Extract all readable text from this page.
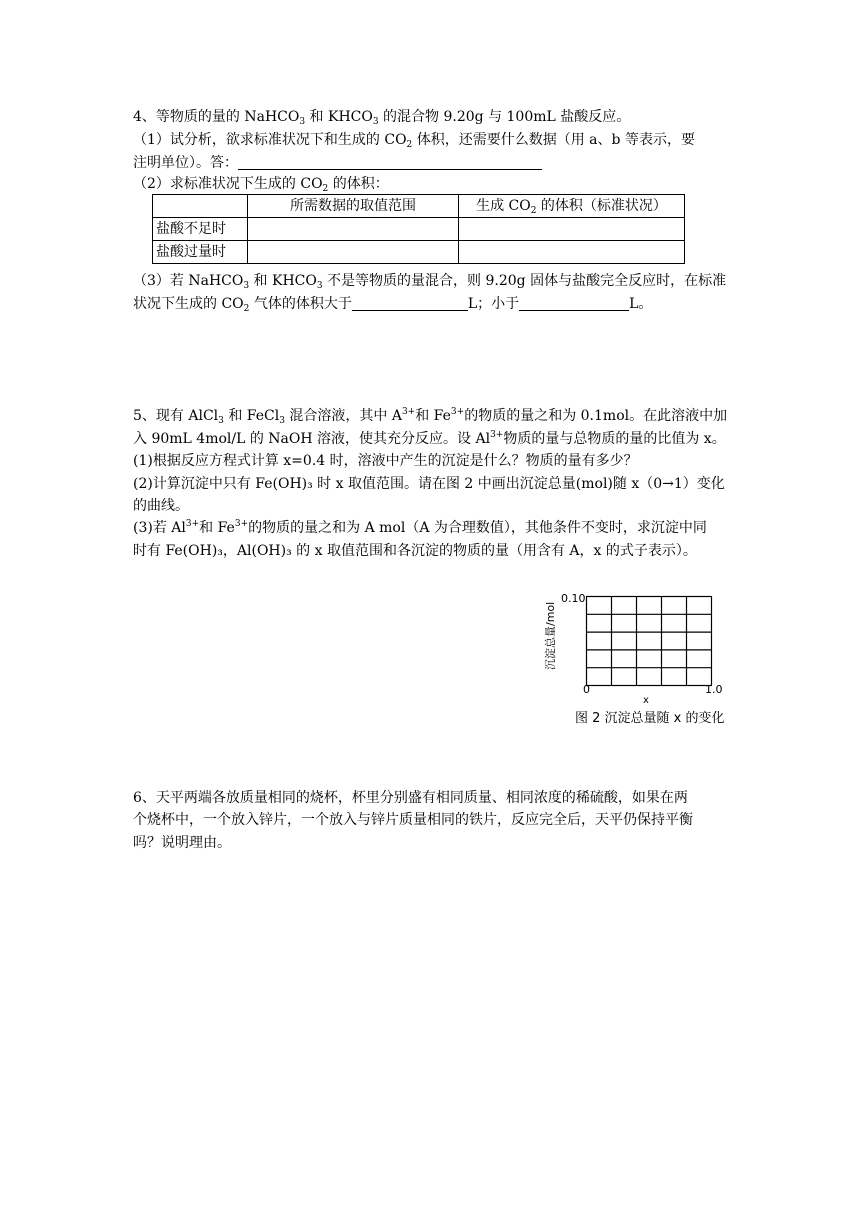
4、等物质的量的 NaHCO$_3$ 和 $KHCO_3$ 的混合物 9.20g 与 100mL 盐酸反应。
（1）试分析，欲求标准状况下和生成的 $CO_2$ 体积，还需要什么数据（用 a、b 等表示，要
注明单位）。答：
（2）求标准状况下生成的 $CO_2$ 的体积：
	所需数据的取值范围	生成 $CO_2$ 的体积（标准状况）
盐酸不足时		
盐酸过量时		
（3）若 NaHCO$_3$ 和 $KHCO_3$ 不是等物质的量混合，则 9.20g 固体与盐酸完全反应时，在标准
状况下生成的 $CO_2$ 气体的体积大于	L；小于	L。
5、现有 AlCl$_3$ 和 FeCl$_3$ 混合溶液，其中 $A^{3+}$和 $Fe^{3+}$的物质的量之和为 0.1mol。在此溶液中加
入 90mL 4mol/L 的 NaOH 溶液，使其充分反应。设 $Al^{3+}$物质的量与总物质的量的比值为 x。
(1)根据反应方程式计算 x=0.4 时，溶液中产生的沉淀是什么？物质的量有多少？
(2)计算沉淀中只有 Fe(OH)₃ 时 x 取值范围。请在图 2 中画出沉淀总量(mol)随 x（0→1）变化
的曲线。
(3)若 $Al^{3+}$和 $Fe^{3+}$的物质的量之和为 A mol（A 为合理数值），其他条件不变时，求沉淀中同
时有 Fe(OH)₃，Al(OH)₃ 的 x 取值范围和各沉淀的物质的量（用含有 A，x 的式子表示）。
0.10
沉淀总量/mol
0	1.0
x
图 2 沉淀总量随 x 的变化
6、天平两端各放质量相同的烧杯，杯里分别盛有相同质量、相同浓度的稀硫酸，如果在两
个烧杯中，一个放入锌片，一个放入与锌片质量相同的铁片，反应完全后，天平仍保持平衡
吗？说明理由。
